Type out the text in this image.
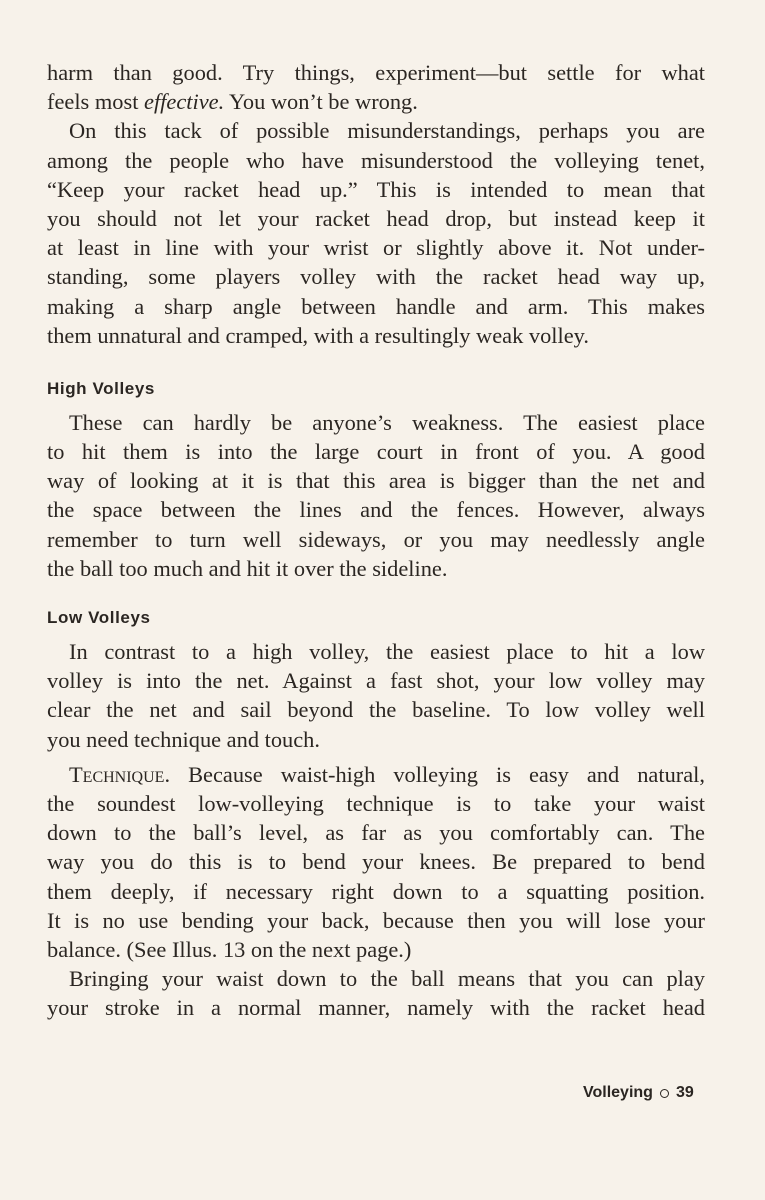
harm than good. Try things, experiment—but settle for what
feels most effective. You won’t be wrong.
On this tack of possible misunderstandings, perhaps you are
among the people who have misunderstood the volleying tenet,
“Keep your racket head up.” This is intended to mean that
you should not let your racket head drop, but instead keep it
at least in line with your wrist or slightly above it. Not under-
standing, some players volley with the racket head way up,
making a sharp angle between handle and arm. This makes
them unnatural and cramped, with a resultingly weak volley.
High Volleys
These can hardly be anyone’s weakness. The easiest place
to hit them is into the large court in front of you. A good
way of looking at it is that this area is bigger than the net and
the space between the lines and the fences. However, always
remember to turn well sideways, or you may needlessly angle
the ball too much and hit it over the sideline.
Low Volleys
In contrast to a high volley, the easiest place to hit a low
volley is into the net. Against a fast shot, your low volley may
clear the net and sail beyond the baseline. To low volley well
you need technique and touch.
Technique. Because waist-high volleying is easy and natural,
the soundest low-volleying technique is to take your waist
down to the ball’s level, as far as you comfortably can. The
way you do this is to bend your knees. Be prepared to bend
them deeply, if necessary right down to a squatting position.
It is no use bending your back, because then you will lose your
balance. (See Illus. 13 on the next page.)
Bringing your waist down to the ball means that you can play
your stroke in a normal manner, namely with the racket head
Volleying 39
